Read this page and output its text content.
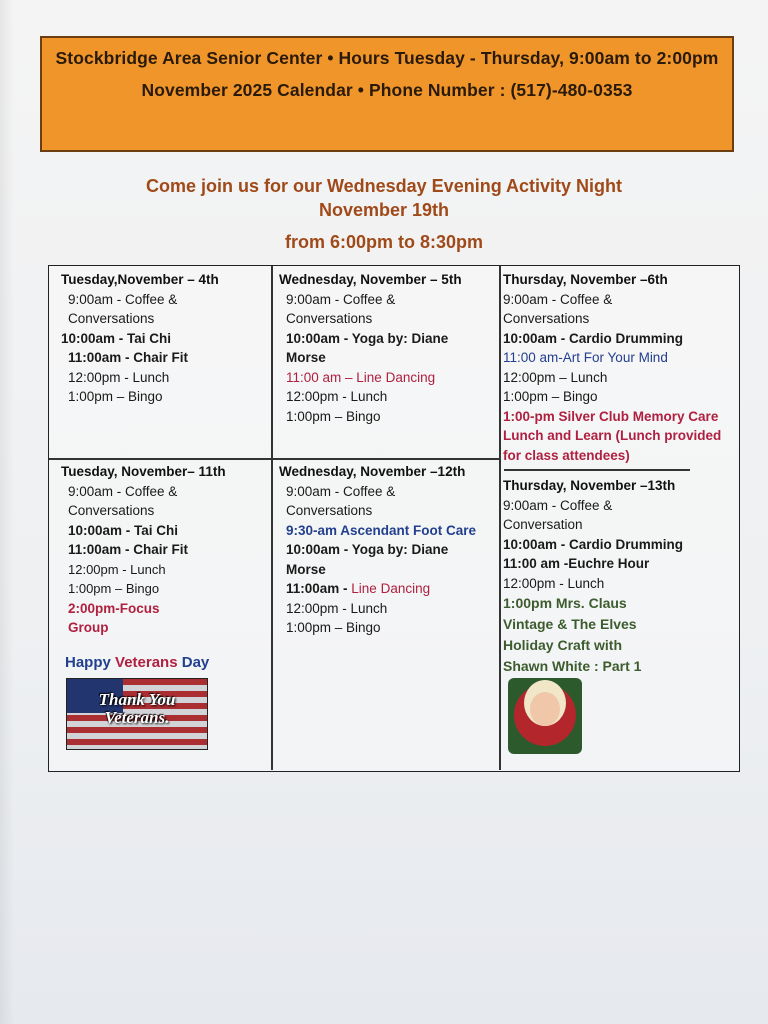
Stockbridge Area Senior Center • Hours Tuesday - Thursday, 9:00am to 2:00pm
November 2025 Calendar • Phone Number : (517)-480-0353
Come join us for our Wednesday Evening Activity Night
November 19th
from 6:00pm to 8:30pm
Tuesday,November – 4th
9:00am - Coffee &
Conversations
10:00am - Tai Chi
11:00am - Chair Fit
12:00pm - Lunch
1:00pm – Bingo
Wednesday, November – 5th
9:00am - Coffee &
Conversations
10:00am - Yoga by: Diane
Morse
11:00 am – Line Dancing
12:00pm - Lunch
1:00pm – Bingo
Thursday, November –6th
9:00am - Coffee &
Conversations
10:00am - Cardio Drumming
11:00 am-Art For Your Mind
12:00pm – Lunch
1:00pm – Bingo
1:00-pm Silver Club Memory Care
Lunch and Learn (Lunch provided
for class attendees)
Tuesday, November– 11th
9:00am - Coffee &
Conversations
10:00am - Tai Chi
11:00am - Chair Fit
12:00pm - Lunch
1:00pm – Bingo
2:00pm-Focus
Group
Happy Veterans Day
Thank You
Veterans.
Wednesday, November –12th
9:00am - Coffee &
Conversations
9:30-am Ascendant Foot Care
10:00am - Yoga by: Diane
Morse
11:00am - Line Dancing
12:00pm - Lunch
1:00pm – Bingo
Thursday, November –13th
9:00am - Coffee &
Conversation
10:00am - Cardio Drumming
11:00 am -Euchre Hour
12:00pm - Lunch
1:00pm Mrs. Claus
Vintage & The Elves
Holiday Craft with
Shawn White : Part 1
